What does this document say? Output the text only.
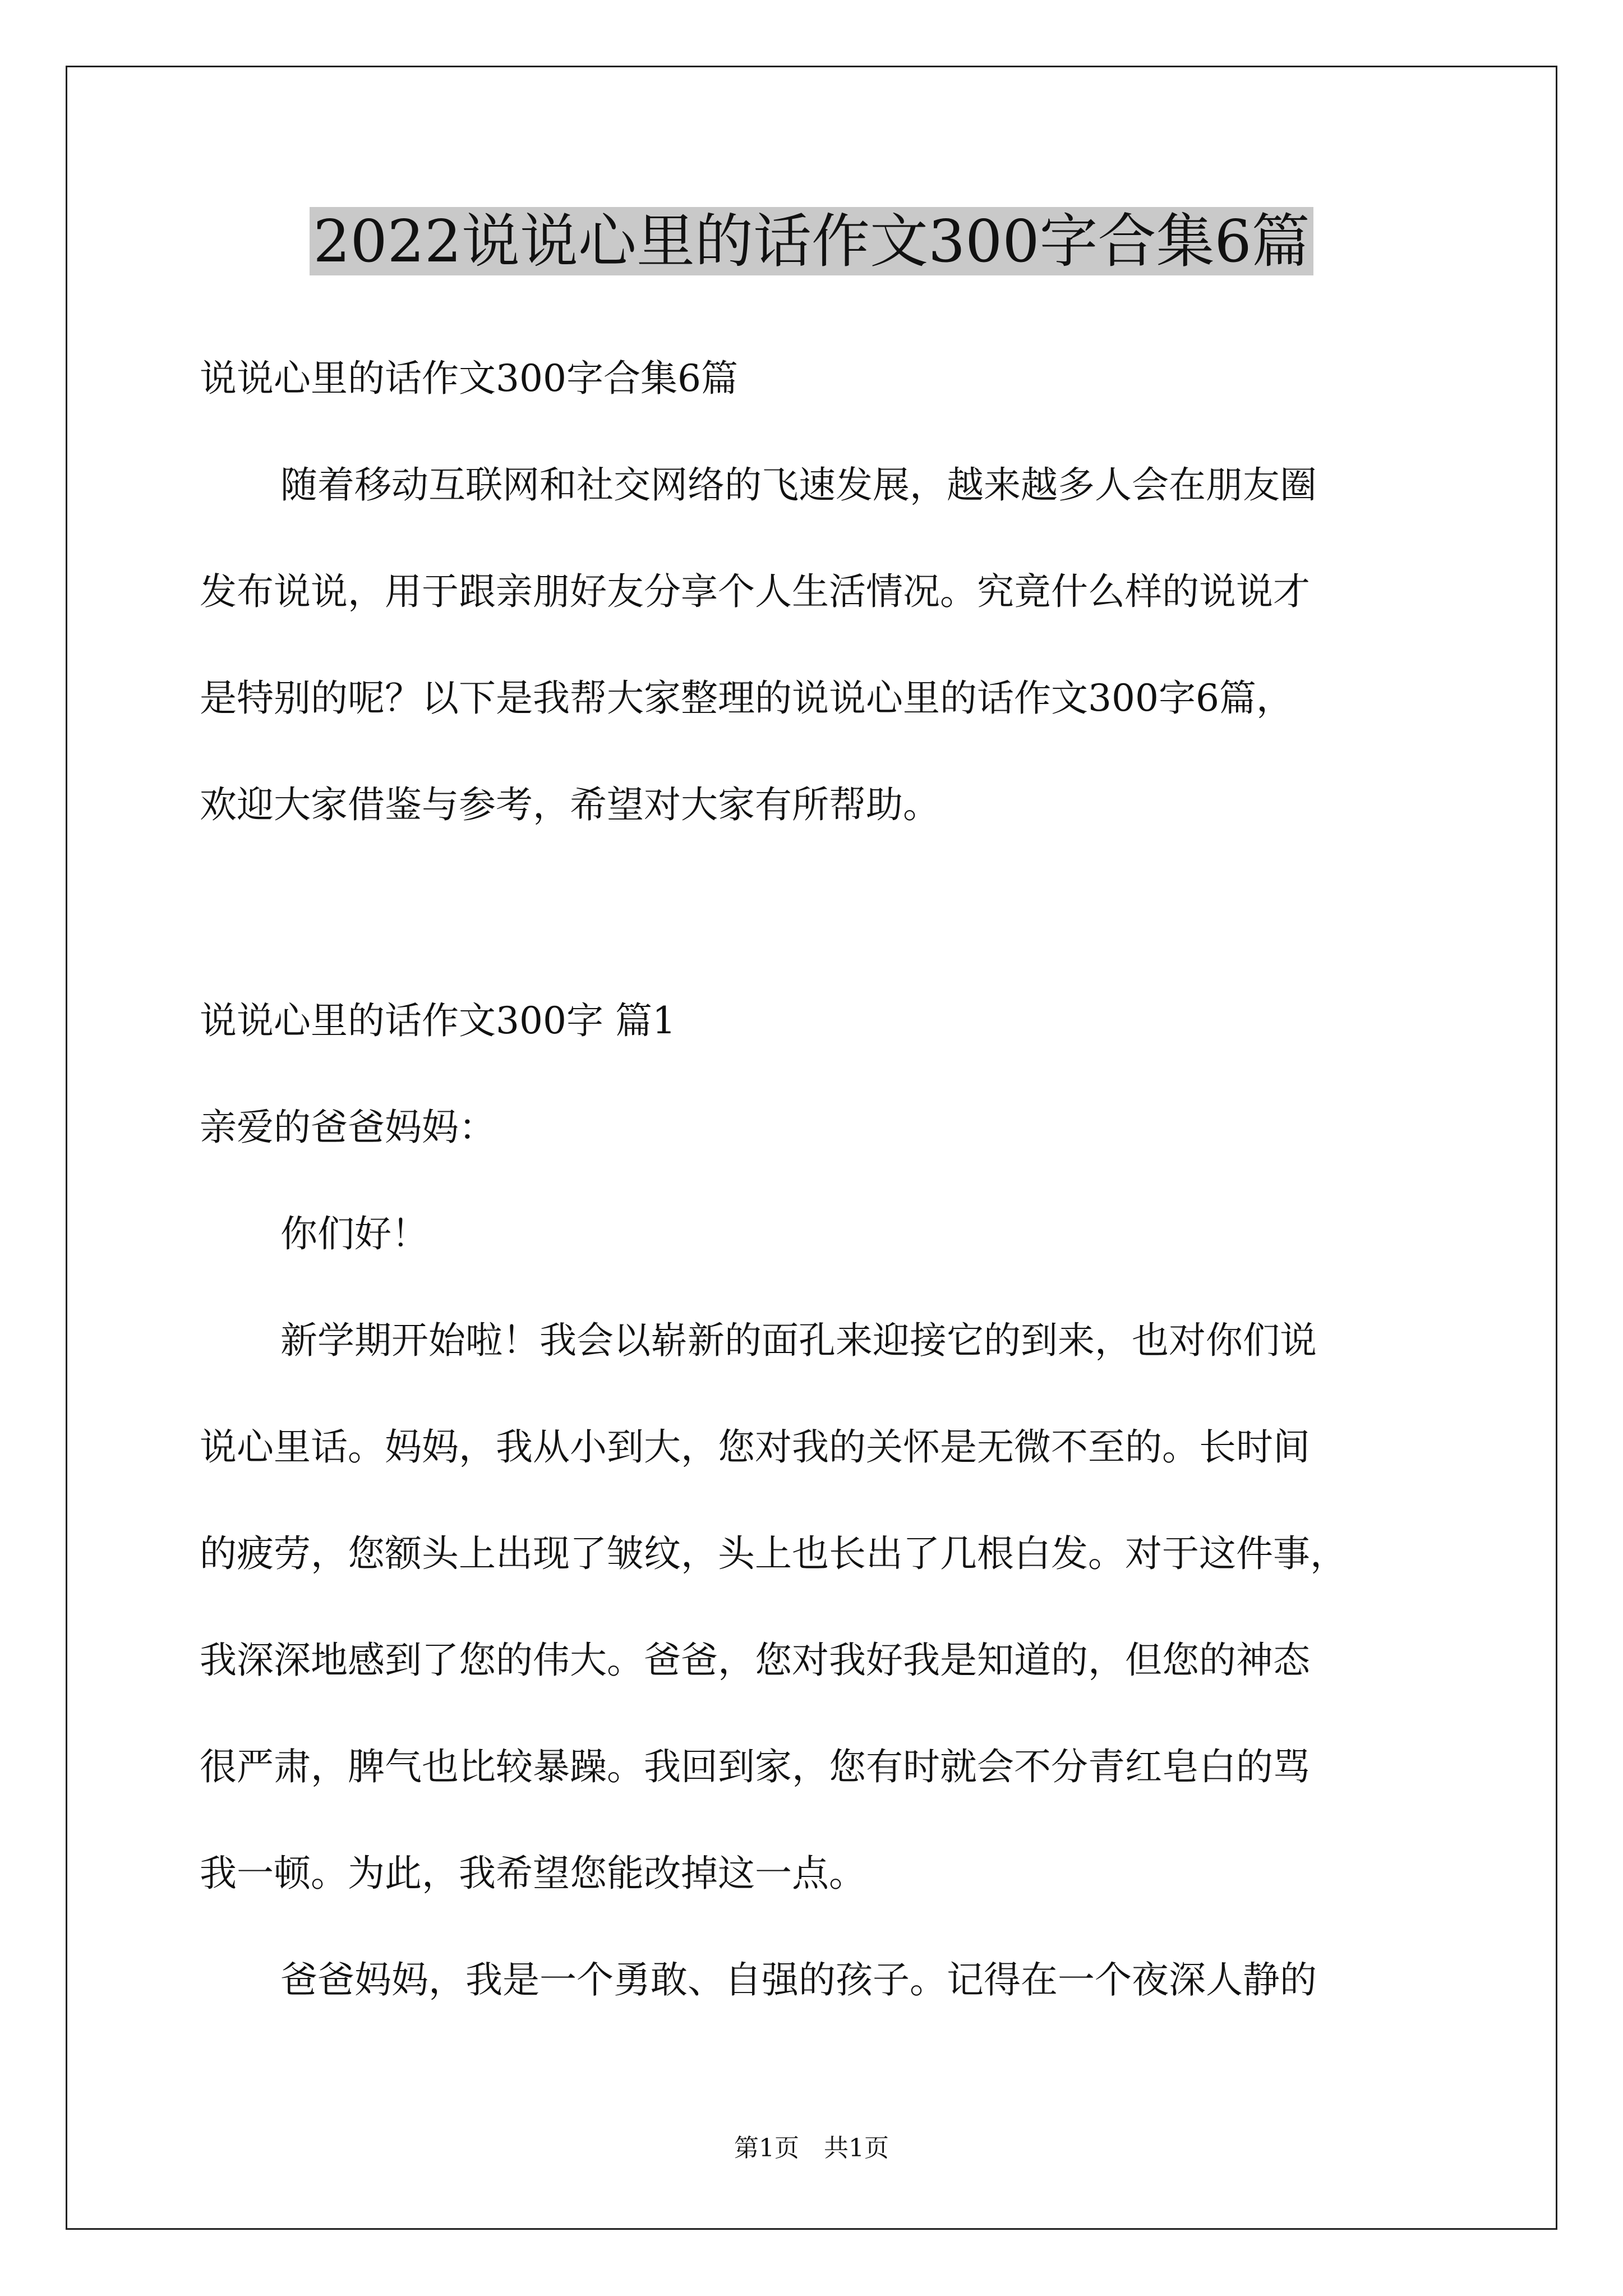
2022说说心里的话作文300字合集6篇
说说心里的话作文300字合集6篇
随着移动互联网和社交网络的飞速发展，越来越多人会在朋友圈
发布说说，用于跟亲朋好友分享个人生活情况。究竟什么样的说说才
是特别的呢？以下是我帮大家整理的说说心里的话作文300字6篇，
欢迎大家借鉴与参考，希望对大家有所帮助。
说说心里的话作文300字 篇1
亲爱的爸爸妈妈：
你们好！
新学期开始啦！我会以崭新的面孔来迎接它的到来，也对你们说
说心里话。妈妈，我从小到大，您对我的关怀是无微不至的。长时间
的疲劳，您额头上出现了皱纹，头上也长出了几根白发。对于这件事，
我深深地感到了您的伟大。爸爸，您对我好我是知道的，但您的神态
很严肃，脾气也比较暴躁。我回到家，您有时就会不分青红皂白的骂
我一顿。为此，我希望您能改掉这一点。
爸爸妈妈，我是一个勇敢、自强的孩子。记得在一个夜深人静的
第1页　共1页
